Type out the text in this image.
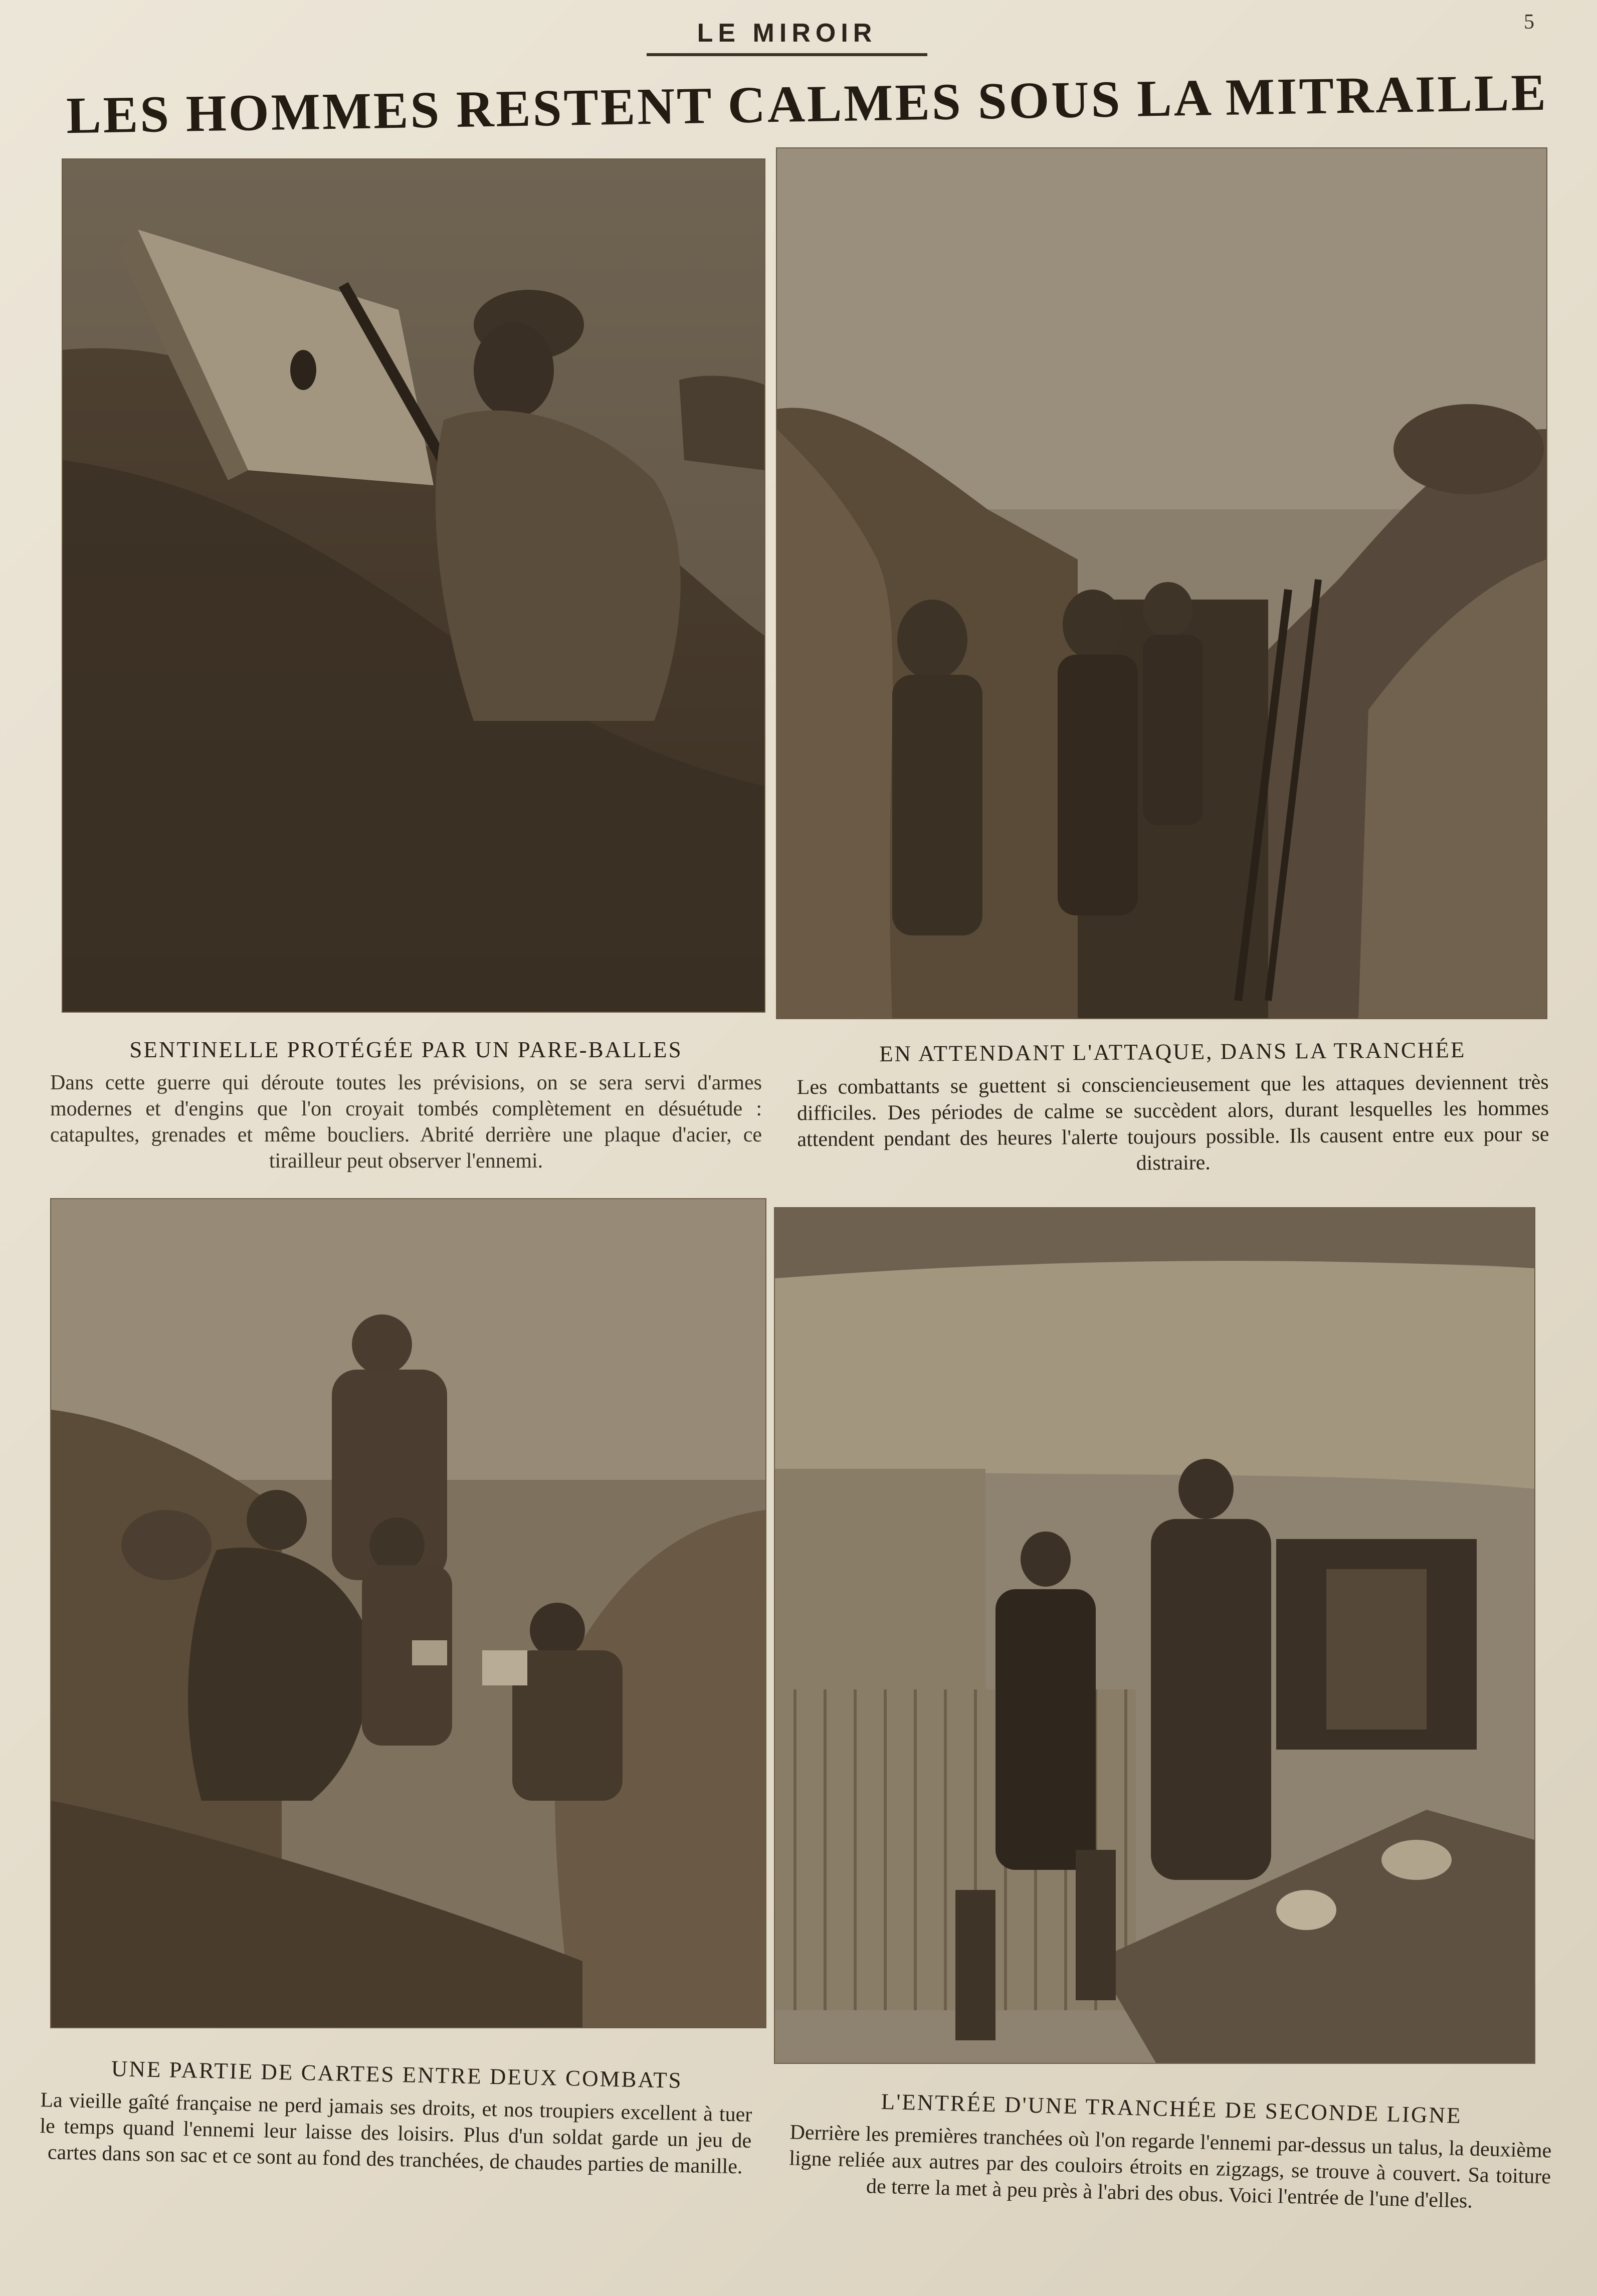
LE MIROIR	5
LES HOMMES RESTENT CALMES SOUS LA MITRAILLE
SENTINELLE PROTÉGÉE PAR UN PARE-BALLES
Dans cette guerre qui déroute toutes les prévisions, on se sera servi d'armes modernes et d'engins que l'on croyait tombés complètement en désuétude : catapultes, grenades et même boucliers. Abrité derrière une plaque d'acier, ce tirailleur peut observer l'ennemi.
EN ATTENDANT L'ATTAQUE, DANS LA TRANCHÉE
Les combattants se guettent si consciencieusement que les attaques deviennent très difficiles. Des périodes de calme se succèdent alors, durant lesquelles les hommes attendent pendant des heures l'alerte toujours possible. Ils causent entre eux pour se distraire.
UNE PARTIE DE CARTES ENTRE DEUX COMBATS
La vieille gaîté française ne perd jamais ses droits, et nos troupiers excellent à tuer le temps quand l'ennemi leur laisse des loisirs. Plus d'un soldat garde un jeu de cartes dans son sac et ce sont au fond des tranchées, de chaudes parties de manille.
L'ENTRÉE D'UNE TRANCHÉE DE SECONDE LIGNE
Derrière les premières tranchées où l'on regarde l'ennemi par-dessus un talus, la deuxième ligne reliée aux autres par des couloirs étroits en zigzags, se trouve à couvert. Sa toiture de terre la met à peu près à l'abri des obus. Voici l'entrée de l'une d'elles.
